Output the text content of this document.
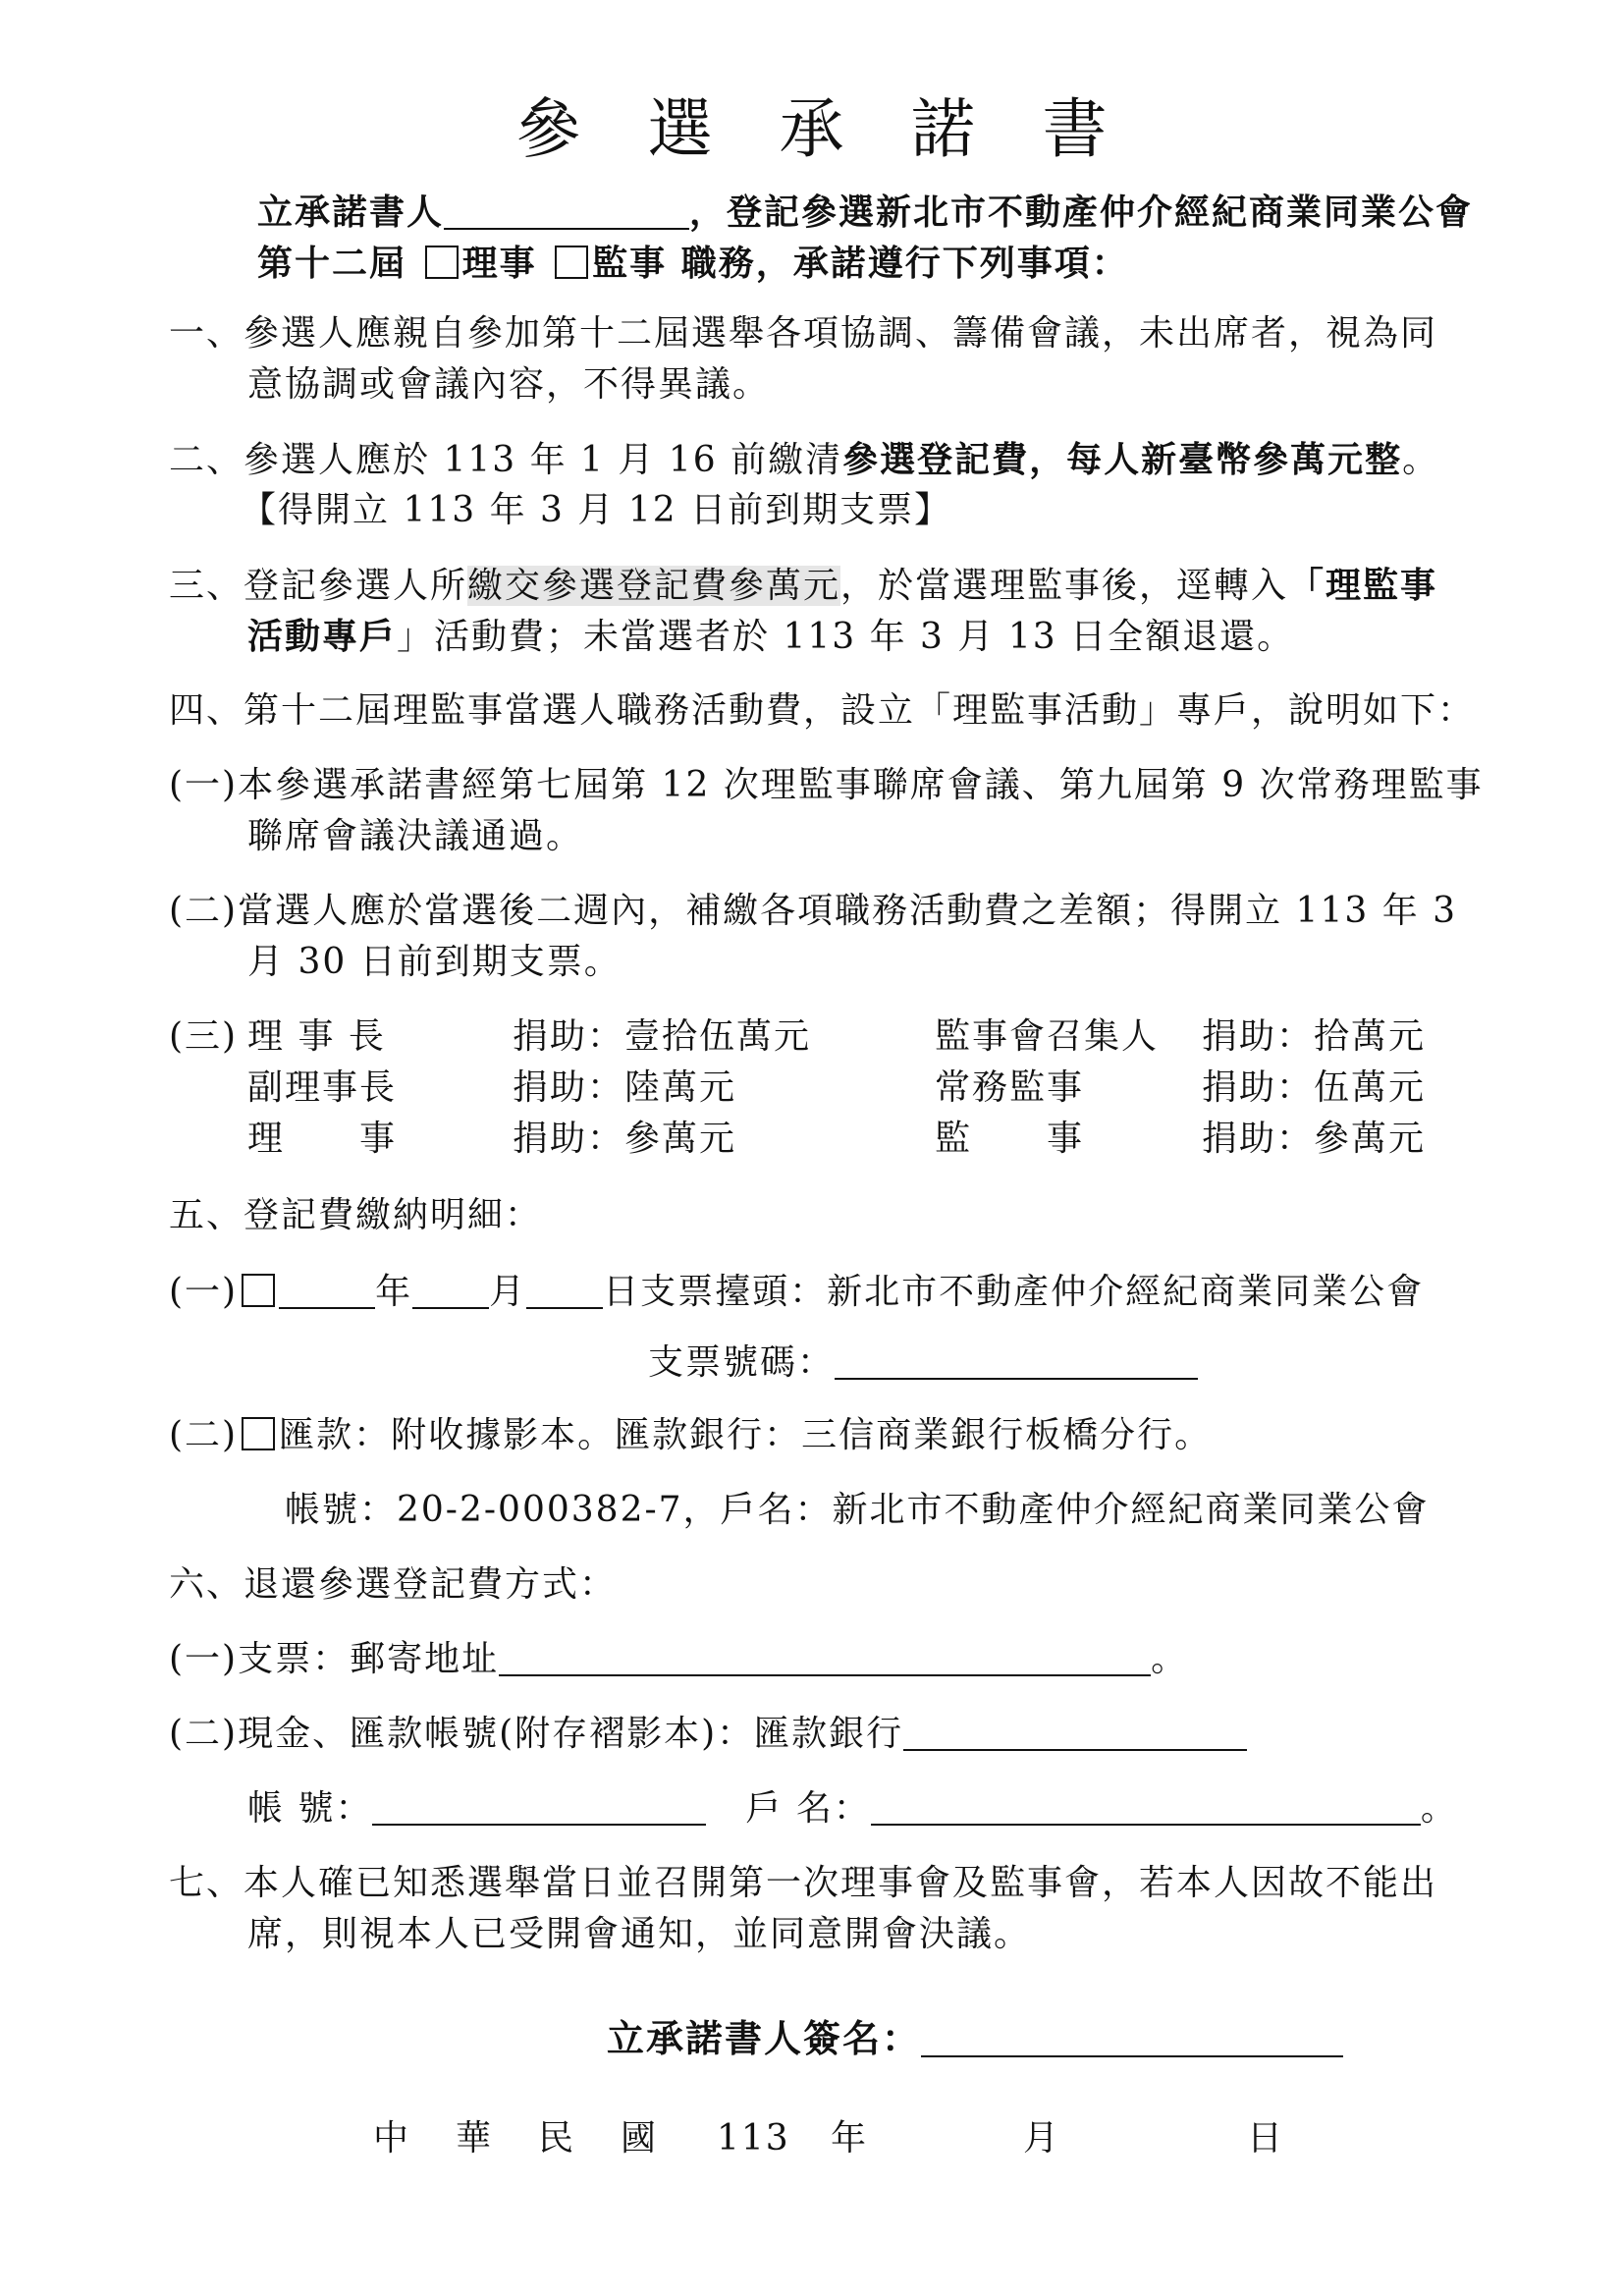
參選承諾書
立承諾書人	，登記參選新北市不動產仲介經紀商業同業公會
第十二屆 理事 監事 職務，承諾遵行下列事項：
一、參選人應親自參加第十二屆選舉各項協調、籌備會議，未出席者，視為同
意協調或會議內容，不得異議。
二、參選人應於 113 年 1 月 16 前繳清參選登記費，每人新臺幣參萬元整。
【得開立 113 年 3 月 12 日前到期支票】
三、登記參選人所繳交參選登記費參萬元，於當選理監事後，逕轉入「理監事
活動專戶」活動費；未當選者於 113 年 3 月 13 日全額退還。
四、第十二屆理監事當選人職務活動費，設立「理監事活動」專戶，說明如下：
(一)本參選承諾書經第七屆第 12 次理監事聯席會議、第九屆第 9 次常務理監事
聯席會議決議通過。
(二)當選人應於當選後二週內，補繳各項職務活動費之差額；得開立 113 年 3
月 30 日前到期支票。
(三) 理 事 長	捐助：壹拾伍萬元	監事會召集人 捐助：拾萬元
副理事長	捐助：陸萬元	常務監事	捐助：伍萬元
理　　事	捐助：參萬元	監　　事	捐助：參萬元
五、登記費繳納明細：
(一)	年 月 日支票擡頭：新北市不動產仲介經紀商業同業公會
支票號碼：
(二) 匯款：附收據影本。匯款銀行：三信商業銀行板橋分行。
帳號：20-2-000382-7，戶名：新北市不動產仲介經紀商業同業公會
六、退還參選登記費方式：
(一)支票：郵寄地址	。
(二)現金、匯款帳號(附存褶影本)：匯款銀行
帳 號：	戶 名：	。
七、本人確已知悉選舉當日並召開第一次理事會及監事會，若本人因故不能出
席，則視本人已受開會通知，並同意開會決議。
立承諾書人簽名：
中　華　民　國 113 年	月	日
